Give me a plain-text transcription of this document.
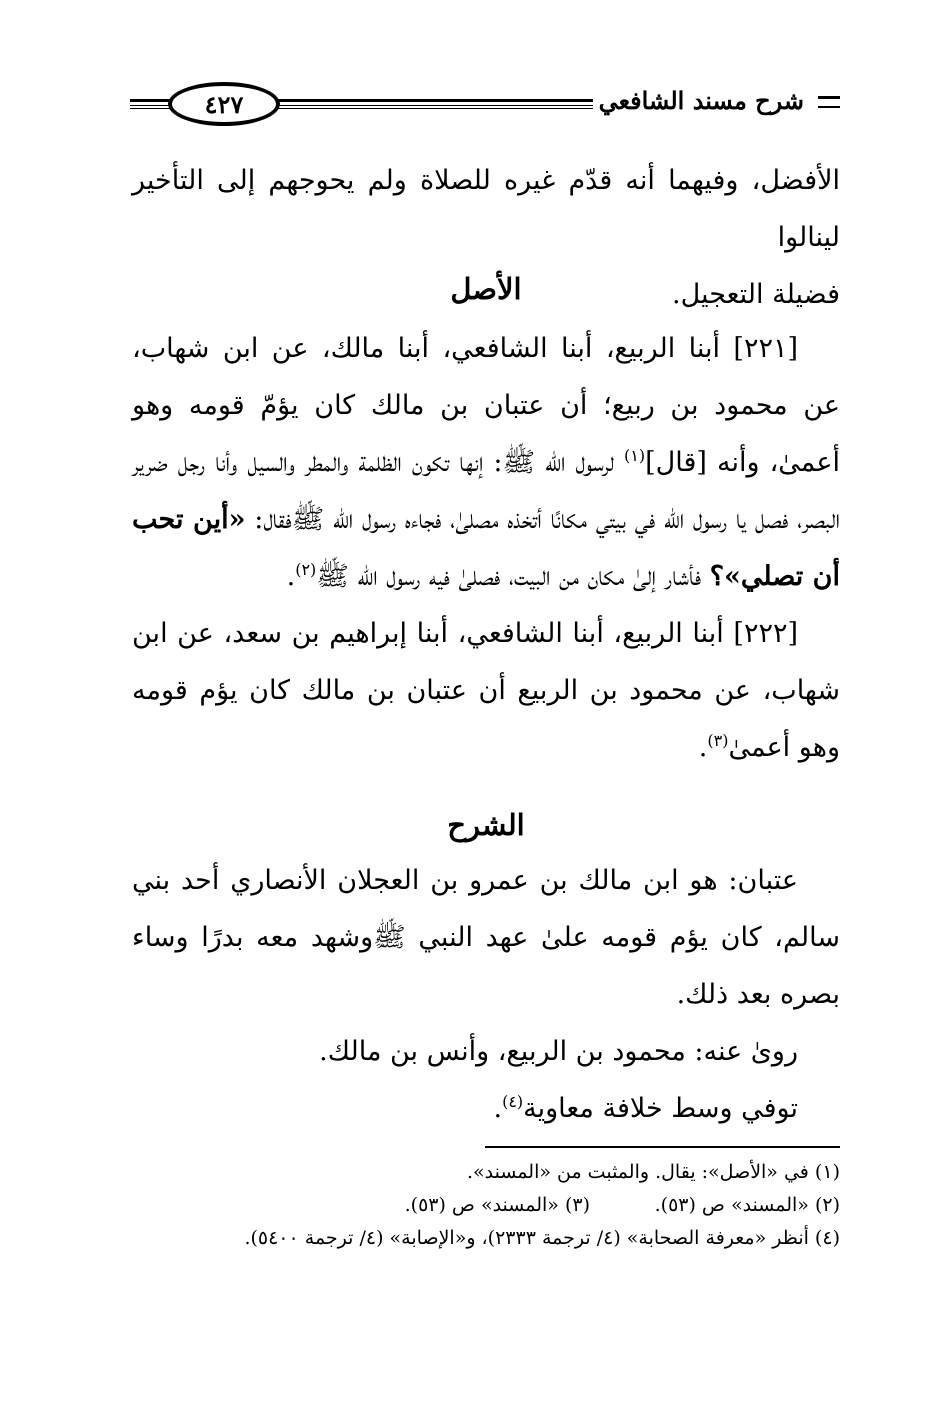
٤٢٧	شرح مسند الشافعي

الأفضل، وفيهما أنه قدّم غيره للصلاة ولم يحوجهم إلى التأخير لينالوا

فضيلة التعجيل.

الأصل

[٢٢١] أبنا الربيع، أبنا الشافعي، أبنا مالك، عن ابن شهاب، عن محمود بن ربيع؛ أن عتبان بن مالك كان يؤمّ قومه وهو أعمىٰ، وأنه [قال]$^{(١)}$ لرسول الله ﷺ: إنها تكون الظلمة والمطر والسيل وأنا رجل ضرير البصر، فصل يا رسول الله في بيتي مكانًا أتخذه مصلىٰ، فجاءه رسول الله ﷺفقال: «أين تحب أن تصلي»؟ فأشار إلىٰ مكان من البيت، فصلىٰ فيه رسول الله ﷺ$^{(٢)}$.

[٢٢٢] أبنا الربيع، أبنا الشافعي، أبنا إبراهيم بن سعد، عن ابن شهاب، عن محمود بن الربيع أن عتبان بن مالك كان يؤم قومه وهو أعمىٰ$^{(٣)}$.

الشرح

عتبان: هو ابن مالك بن عمرو بن العجلان الأنصاري أحد بني سالم، كان يؤم قومه علىٰ عهد النبي ﷺوشهد معه بدرًا وساء بصره بعد ذلك.

روىٰ عنه: محمود بن الربيع، وأنس بن مالك.

توفي وسط خلافة معاوية$^{(٤)}$.

(١) في «الأصل»: يقال. والمثبت من «المسند».

(٢) «المسند» ص (٥٣).(٣) «المسند» ص (٥٣).

(٤) أنظر «معرفة الصحابة» (٤/ ترجمة ٢٣٣٣)، و«الإصابة» (٤/ ترجمة ٥٤٠٠).
